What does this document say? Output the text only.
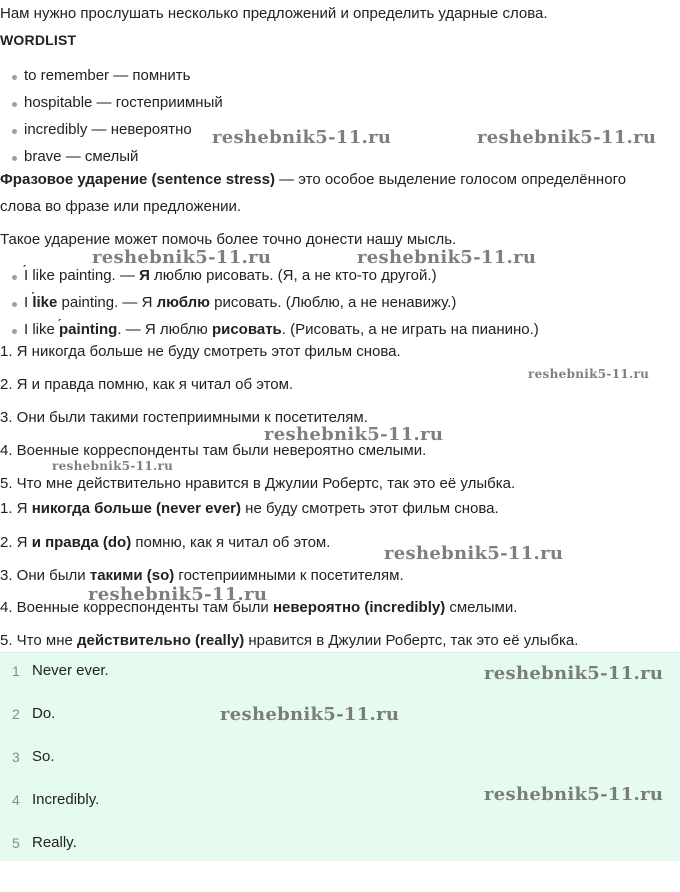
Нам нужно прослушать несколько предложений и определить ударные слова.

WORDLIST

to remember — помнить
hospitable — гостеприимный
incredibly — невероятно
brave — смелый

Фразовое ударение (sentence stress) — это особое выделение голосом определённого

слова во фразе или предложении.

Такое ударение может помочь более точно донести нашу мысль.

́ I like painting. — Я люблю рисовать. (Я, а не кто-то другой.)
I ́ like painting. — Я люблю рисовать. (Люблю, а не ненавижу.)
I like ́ painting. — Я люблю рисовать. (Рисовать, а не играть на пианино.)

1. Я никогда больше не буду смотреть этот фильм снова.

2. Я и правда помню, как я читал об этом.

3. Они были такими гостеприимными к посетителям.

4. Военные корреспонденты там были невероятно смелыми.

5. Что мне действительно нравится в Джулии Робертс, так это её улыбка.

1. Я никогда больше (never ever) не буду смотреть этот фильм снова.

2. Я и правда (do) помню, как я читал об этом.

3. Они были такими (so) гостеприимными к посетителям.

4. Военные корреспонденты там были невероятно (incredibly) смелыми.

5. Что мне действительно (really) нравится в Джулии Робертс, так это её улыбка.

1 Never ever.
2 Do.
3 So.
4 Incredibly.
5 Really.
reshebnik5-11.ru	reshebnik5-11.ru
reshebnik5-11.ru	reshebnik5-11.ru
reshebnik5-11.ru
reshebnik5-11.ru
reshebnik5-11.ru
reshebnik5-11.ru
reshebnik5-11.ru
reshebnik5-11.ru
reshebnik5-11.ru
reshebnik5-11.ru
